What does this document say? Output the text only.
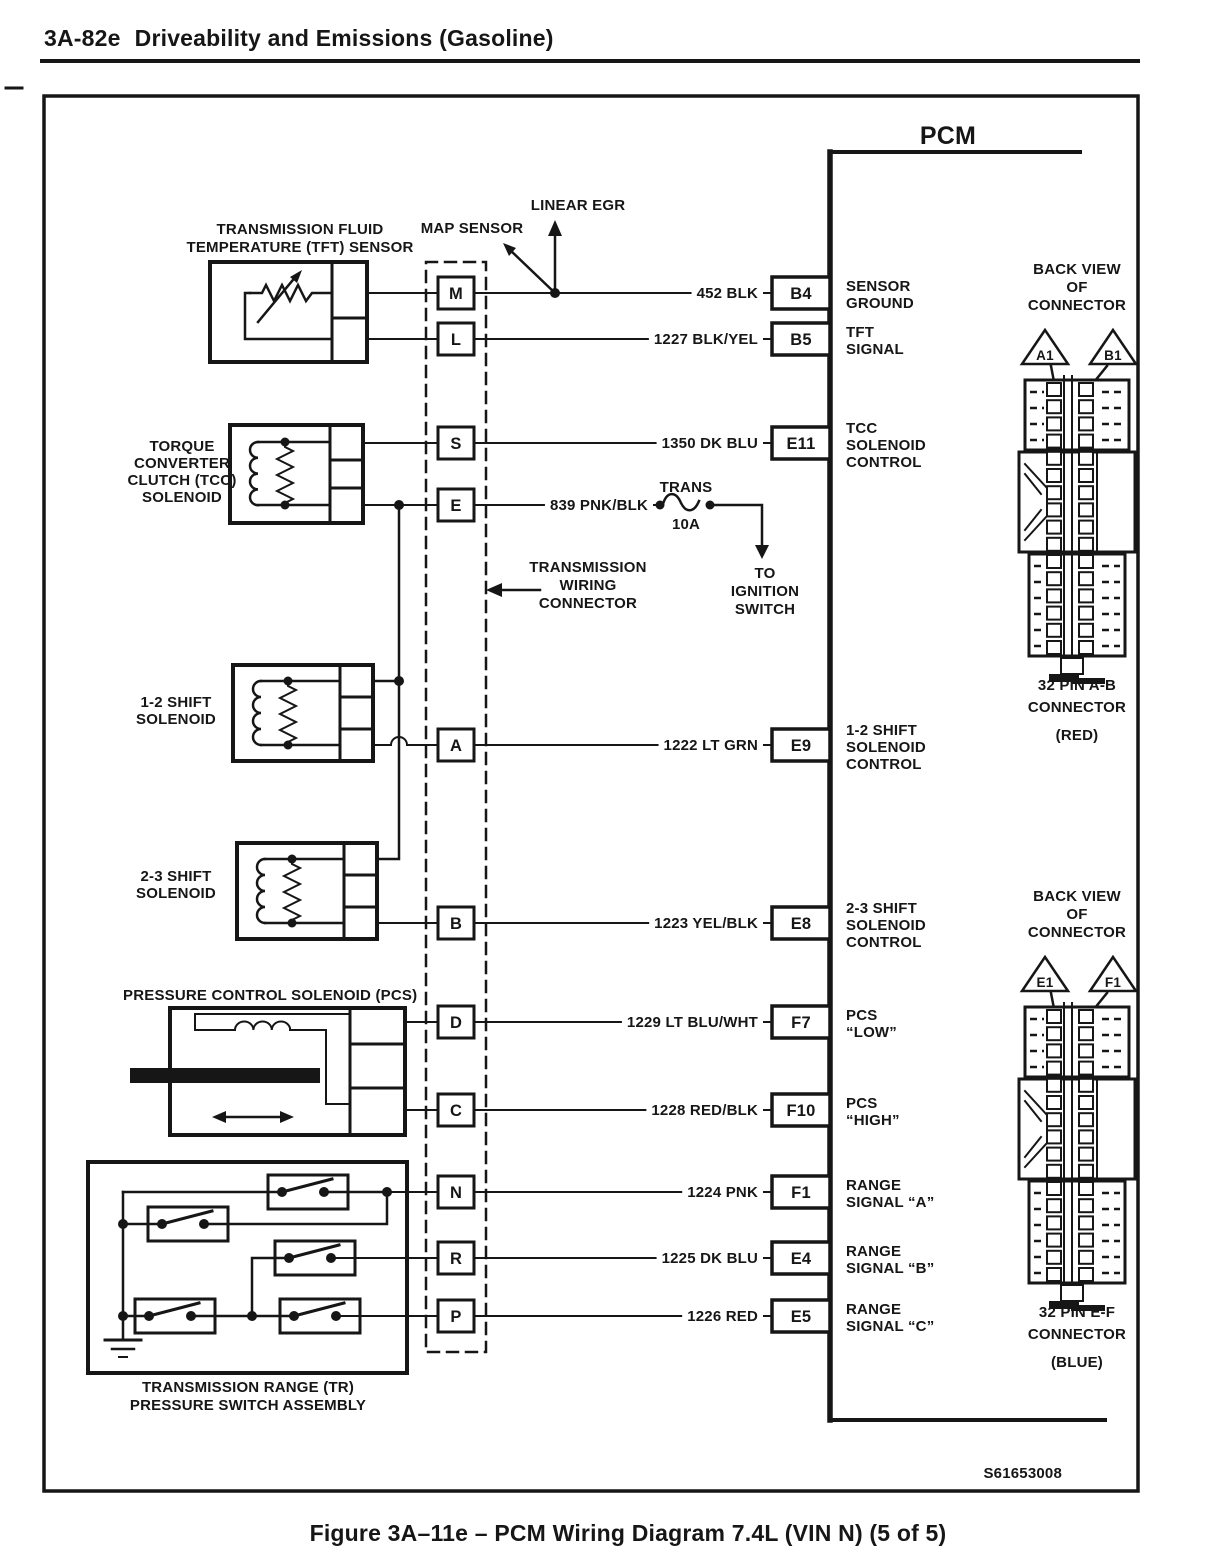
3A-82e Driveability and Emissions (Gasoline)
Figure 3A–11e – PCM Wiring Diagram 7.4L (VIN N) (5 of 5)
S61653008
PCM
TRANSMISSION
WIRING
CONNECTOR
TRANSMISSION FLUID
TEMPERATURE (TFT) SENSOR
TORQUE
CONVERTER
CLUTCH (TCC)
SOLENOID
1-2 SHIFT
SOLENOID
2-3 SHIFT
SOLENOID
PRESSURE CONTROL SOLENOID (PCS)
TRANSMISSION RANGE (TR)
PRESSURE SWITCH ASSEMBLY
LINEAR EGR
MAP SENSOR
M	452 BLK B4 SENSOR
GROUND
L	1227 BLK/YEL B5 TFT
SIGNAL
S	1350 DK BLU E11
TCC
SOLENOID
CONTROL
E	839 PNK/BLK
TRANS
10A
TO
IGNITION
SWITCH
A	1222 LT GRN E9
1-2 SHIFT
SOLENOID
CONTROL
B	1223 YEL/BLK E8
2-3 SHIFT
SOLENOID
CONTROL
D	1229 LT BLU/WHT F7 PCS
“LOW”
C	1228 RED/BLK F10 PCS
“HIGH”
N	1224 PNK F1 RANGE
SIGNAL “A”
R	1225 DK BLU E4 RANGE
SIGNAL “B”
P	1226 RED E5 RANGE
SIGNAL “C”
BACK VIEW
OF
CONNECTOR
A1	B1
32 PIN A-B
CONNECTOR
(RED)
BACK VIEW
OF
CONNECTOR
E1	F1
32 PIN E-F
CONNECTOR
(BLUE)
